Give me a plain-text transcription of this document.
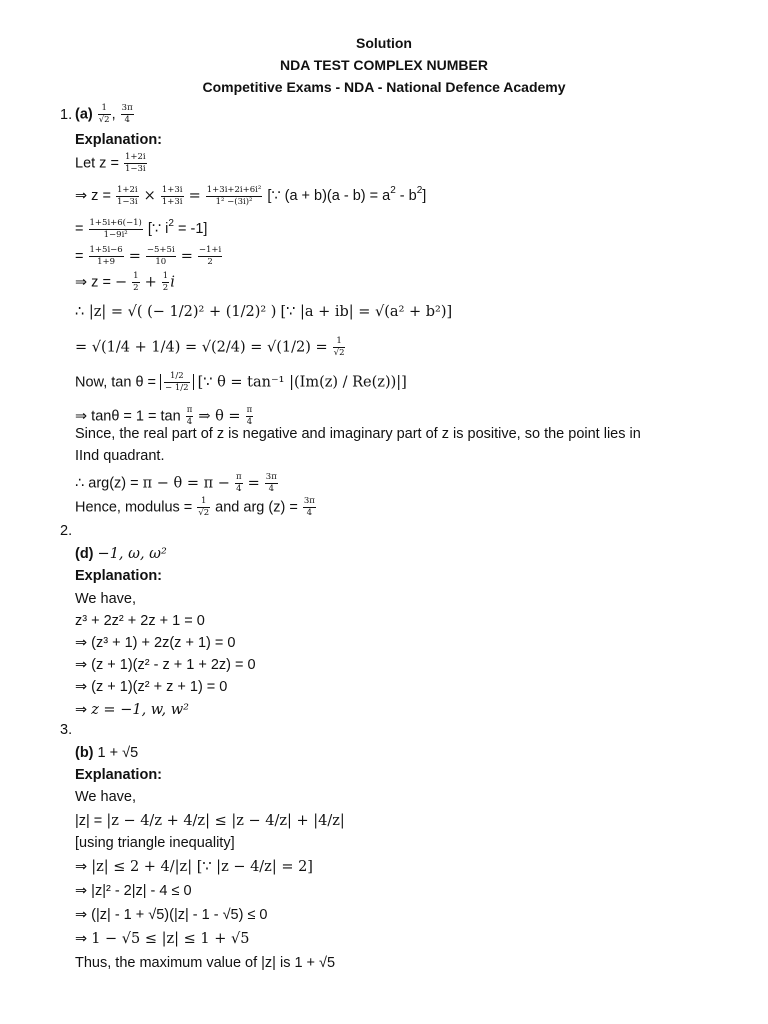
Solution
NDA TEST COMPLEX NUMBER
Competitive Exams - NDA - National Defence Academy
1. $(a) \frac{1}{√2}$ , $\frac{3\pi}{4}$
Explanation:
Let $z = \frac{1+2i}{1-3i}$
⇒ $z = \frac{1+2i}{1-3i} \times \frac{1+3i}{1+3i} = \frac{\text{1+3i+2i+6i²}}{\text{1² −(3i)²}}$ [∵ $(a + b)(a - b) = a^2 - b^2$]
= $\frac{1+5i+6(-1)}{\text{1−9i²}}$ [∵ $i^2 = -1$]
= $\frac{1+5i-6}{1+9} = \frac{-5+5i}{10} = \frac{-1+i}{2}$
⇒ z = − $\frac{1}{2} + \frac{1}{2}$ i
∴ |z| = √( (− 1/2)² + (1/2)² ) [∵ |a + ib| = √(a² + b²)]
= $√(1/4 + 1/4) = √(2/4) = √(1/2) = \frac{1}{√2}$
Now, $\tan \theta = \frac{1/2}{- 1/2}$ [∵ θ = tan⁻¹ |(Im(z) / Re(z))|]
⇒ $\tan\theta = 1 = \tan \frac{\pi}{4}$ ⇒ $\theta = \frac{\pi}{4}$
Since, the real part of z is negative and imaginary part of z is positive, so the point lies in
IInd quadrant.
∴ $arg(z) = \pi - \theta = \pi - \frac{\pi}{4} = \frac{3\pi}{4}$
Hence, modulus = $\frac{1}{√2}$ and arg $(z) = \frac{3\pi}{4}$
2.
(d) −1, ω, ω²
Explanation:
We have,
z³ + 2z² + 2z + 1 = 0
⇒ (z³ + 1) + 2z(z + 1) = 0
⇒ (z + 1)(z² - z + 1 + 2z) = 0
⇒ (z + 1)(z² + z + 1) = 0
⇒ z = −1, w, w²
3.
(b) 1 + √5
Explanation:
We have,
|z| = |z − 4/z + 4/z| ≤ |z − 4/z| + |4/z|
[using triangle inequality]
⇒ |z| ≤ 2 + 4/|z| [∵ |z − 4/z| = 2]
⇒ |z|² - 2|z| - 4 ≤ 0
⇒ (|z| - 1 + √5)(|z| - 1 - √5) ≤ 0
⇒ 1 − √5 ≤ |z| ≤ 1 + √5
Thus, the maximum value of |z| is 1 + √5
